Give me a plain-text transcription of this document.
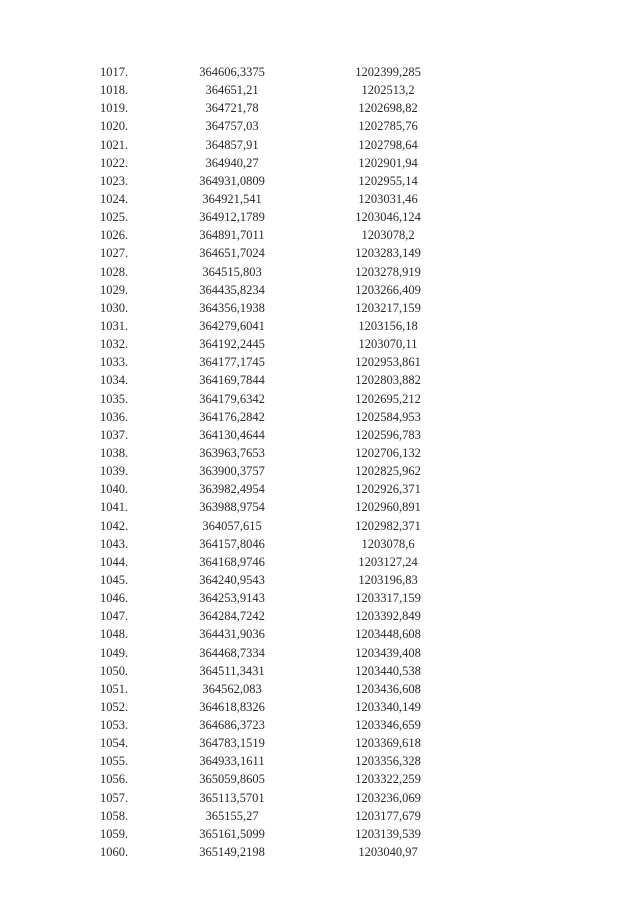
1017.	364606,3375	1202399,285
1018.	364651,21	1202513,2
1019.	364721,78	1202698,82
1020.	364757,03	1202785,76
1021.	364857,91	1202798,64
1022.	364940,27	1202901,94
1023.	364931,0809	1202955,14
1024.	364921,541	1203031,46
1025.	364912,1789	1203046,124
1026.	364891,7011	1203078,2
1027.	364651,7024	1203283,149
1028.	364515,803	1203278,919
1029.	364435,8234	1203266,409
1030.	364356,1938	1203217,159
1031.	364279,6041	1203156,18
1032.	364192,2445	1203070,11
1033.	364177,1745	1202953,861
1034.	364169,7844	1202803,882
1035.	364179,6342	1202695,212
1036.	364176,2842	1202584,953
1037.	364130,4644	1202596,783
1038.	363963,7653	1202706,132
1039.	363900,3757	1202825,962
1040.	363982,4954	1202926,371
1041.	363988,9754	1202960,891
1042.	364057,615	1202982,371
1043.	364157,8046	1203078,6
1044.	364168,9746	1203127,24
1045.	364240,9543	1203196,83
1046.	364253,9143	1203317,159
1047.	364284,7242	1203392,849
1048.	364431,9036	1203448,608
1049.	364468,7334	1203439,408
1050.	364511,3431	1203440,538
1051.	364562,083	1203436,608
1052.	364618,8326	1203340,149
1053.	364686,3723	1203346,659
1054.	364783,1519	1203369,618
1055.	364933,1611	1203356,328
1056.	365059,8605	1203322,259
1057.	365113,5701	1203236,069
1058.	365155,27	1203177,679
1059.	365161,5099	1203139,539
1060.	365149,2198	1203040,97
